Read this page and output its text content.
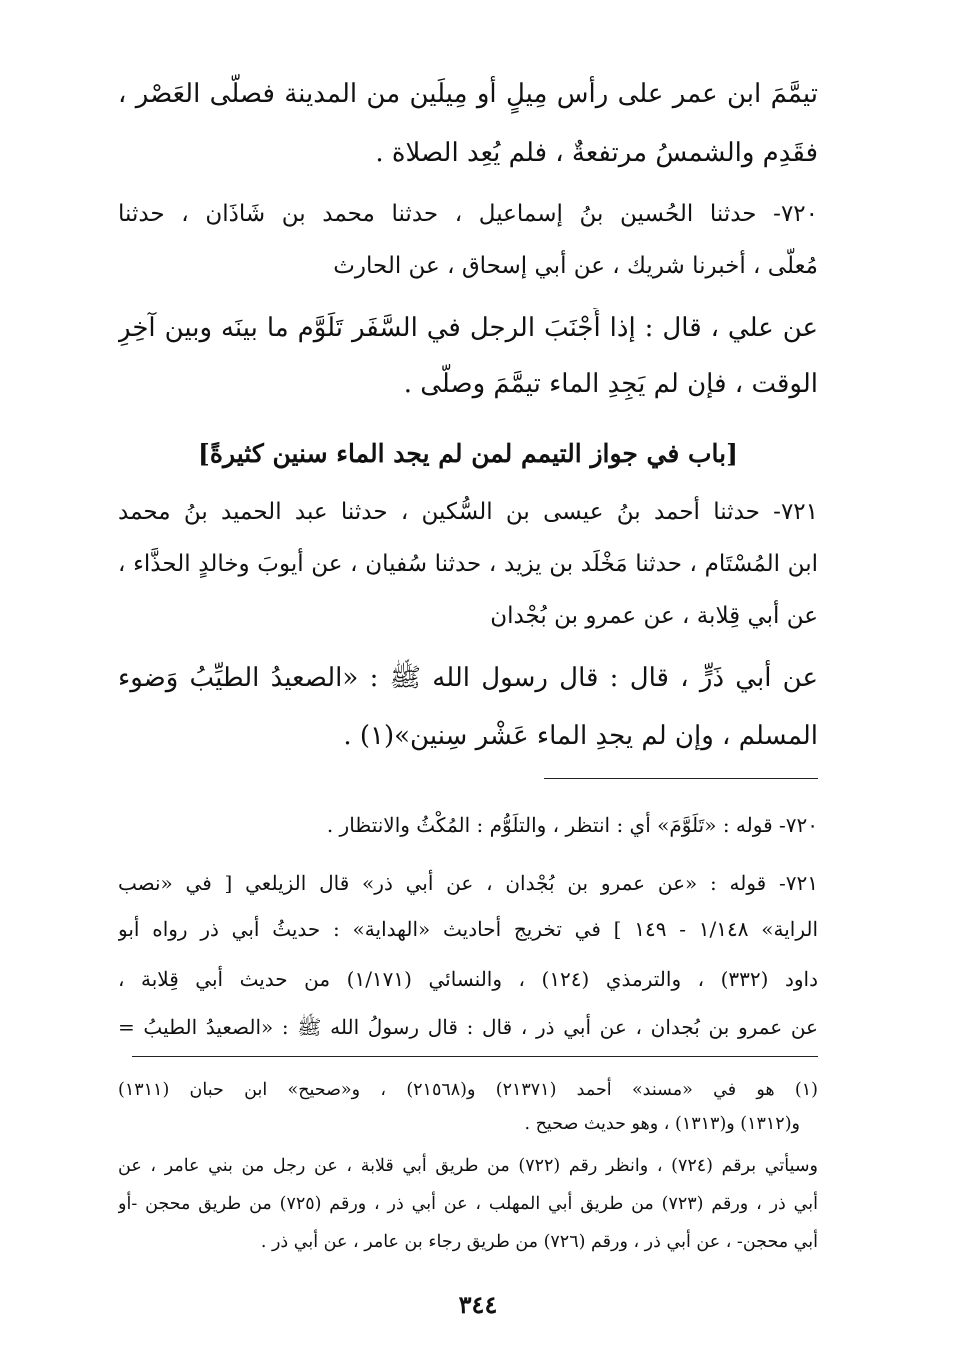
تيمَّمَ ابن عمر على رأس مِيلٍ أو مِيلَين من المدينة فصلَّى العَصْر ،
فقَدِم والشمسُ مرتفعةٌ ، فلم يُعِد الصلاة .
٧٢٠- حدثنا الحُسين بنُ إسماعيل ، حدثنا محمد بن شَاذَان ، حدثنا
مُعلَّى ، أخبرنا شريك ، عن أبي إسحاق ، عن الحارث
عن علي ، قال : إذا أَجْنَبَ الرجل في السَّفَر تَلَوَّم ما بينَه وبين آخِرِ
الوقت ، فإن لم يَجِدِ الماء تيمَّمَ وصلَّى .
[باب في جواز التيمم لمن لم يجد الماء سنين كثيرةً]
٧٢١- حدثنا أحمد بنُ عيسى بن السُّكين ، حدثنا عبد الحميد بنُ محمد
ابن المُسْتَام ، حدثنا مَخْلَد بن يزيد ، حدثنا سُفيان ، عن أيوبَ وخالدٍ الحذَّاء ،
عن أبي قِلابة ، عن عمرو بن بُجْدان
عن أبي ذَرٍّ ، قال : قال رسول الله ﷺ : «الصعيدُ الطيِّبُ وَضوء
المسلم ، وإن لم يجدِ الماء عَشْر سِنين»(١) .
٧٢٠- قوله : «تَلَوَّمَ» أي : انتظر ، والتلَوُّم : المُكْثُ والانتظار .
٧٢١- قوله : «عن عمرو بن بُجْدان ، عن أبي ذر» قال الزيلعي [ في «نصب
الراية» ١/١٤٨ - ١٤٩ ] في تخريج أحاديث «الهداية» : حديثُ أبي ذر رواه أبو
داود (٣٣٢) ، والترمذي (١٢٤) ، والنسائي (١/١٧١) من حديث أبي قِلابة ،
عن عمرو بن بُجدان ، عن أبي ذر ، قال : قال رسولُ الله ﷺ : «الصعيدُ الطيبُ =
(١) هو في «مسند» أحمد (٢١٣٧١) و(٢١٥٦٨) ، و«صحيح» ابن حبان (١٣١١)
و(١٣١٢) و(١٣١٣) ، وهو حديث صحيح .
وسيأتي برقم (٧٢٤) ، وانظر رقم (٧٢٢) من طريق أبي قلابة ، عن رجل من بني عامر ، عن
أبي ذر ، ورقم (٧٢٣) من طريق أبي المهلب ، عن أبي ذر ، ورقم (٧٢٥) من طريق محجن -أو
أبي محجن- ، عن أبي ذر ، ورقم (٧٢٦) من طريق رجاء بن عامر ، عن أبي ذر .
٣٤٤
